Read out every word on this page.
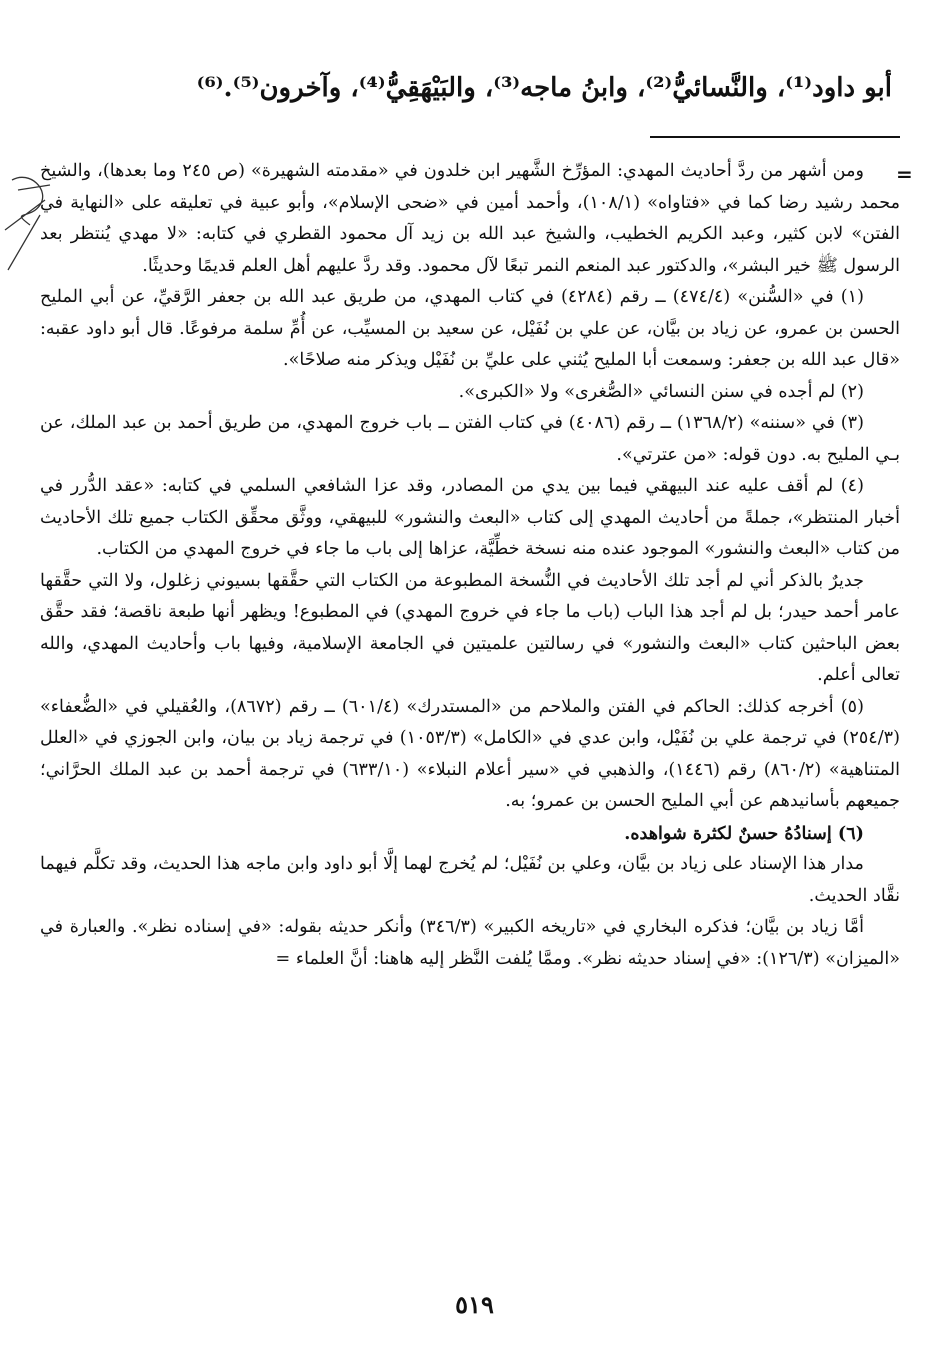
=
أبو داود⁽¹⁾، والنَّسائيُّ⁽²⁾، وابنُ ماجه⁽³⁾، والبَيْهَقِيُّ⁽⁴⁾، وآخرون⁽⁵⁾.⁽⁶⁾

ومن أشهر من ردَّ أحاديث المهدي: المؤرِّخ الشَّهير ابن خلدون في «مقدمته الشهيرة» (ص ٢٤٥ وما بعدها)، والشيخ محمد رشيد رضا كما في «فتاواه» (١٠٨/١)، وأحمد أمين في «ضحى الإسلام»، وأبو عبية في تعليقه على «النهاية في الفتن» لابن كثير، وعبد الكريم الخطيب، والشيخ عبد الله بن زيد آل محمود القطري في كتابه: «لا مهدي يُنتظر بعد الرسول ﷺ خير البشر»، والدكتور عبد المنعم النمر تبعًا لآل محمود. وقد ردَّ عليهم أهل العلم قديمًا وحديثًا.

(١) في «السُّنن» (٤٧٤/٤) ــ رقم (٤٢٨٤) في كتاب المهدي، من طريق عبد الله بن جعفر الرَّقيِّ، عن أبي المليح الحسن بن عمرو، عن زياد بن بيَّان، عن علي بن نُفَيْل، عن سعيد بن المسيِّب، عن أُمِّ سلمة مرفوعًا. قال أبو داود عقبه: «قال عبد الله بن جعفر: وسمعت أبا المليح يُثني على عليِّ بن نُفَيْل ويذكر منه صلاحًا».

(٢) لم أجده في سنن النسائي «الصُّغرى» ولا «الكبرى».

(٣) في «سننه» (١٣٦٨/٢) ــ رقم (٤٠٨٦) في كتاب الفتن ــ باب خروج المهدي، من طريق أحمد بن عبد الملك، عن بـي المليح به. دون قوله: «من عترتي».

(٤) لم أقف عليه عند البيهقي فيما بين يدي من المصادر، وقد عزا الشافعي السلمي في كتابه: «عقد الدُّرر في أخبار المنتظر»، جملةً من أحاديث المهدي إلى كتاب «البعث والنشور» للبيهقي، ووثَّق محقِّق الكتاب جميع تلك الأحاديث من كتاب «البعث والنشور» الموجود عنده منه نسخة خطِّيَّة، عزاها إلى باب ما جاء في خروج المهدي من الكتاب.

جديرٌ بالذكر أني لم أجد تلك الأحاديث في النُّسخة المطبوعة من الكتاب التي حقَّقها بسيوني زغلول، ولا التي حقَّقها عامر أحمد حيدر؛ بل لم أجد هذا الباب (باب ما جاء في خروج المهدي) في المطبوع! ويظهر أنها طبعة ناقصة؛ فقد حقَّق بعض الباحثين كتاب «البعث والنشور» في رسالتين علميتين في الجامعة الإسلامية، وفيها باب وأحاديث المهدي، والله تعالى أعلم.

(٥) أخرجه كذلك: الحاكم في الفتن والملاحم من «المستدرك» (٦٠١/٤) ــ رقم (٨٦٧٢)، والعُقيلي في «الضُّعفاء» (٢٥٤/٣) في ترجمة علي بن نُفَيْل، وابن عدي في «الكامل» (١٠٥٣/٣) في ترجمة زياد بن بيان، وابن الجوزي في «العلل المتناهية» (٨٦٠/٢) رقم (١٤٤٦)، والذهبي في «سير أعلام النبلاء» (٦٣٣/١٠) في ترجمة أحمد بن عبد الملك الحرَّاني؛ جميعهم بأسانيدهم عن أبي المليح الحسن بن عمرو؛ به.

(٦) إسنادُهُ حسنٌ لكثرة شواهده.

مدار هذا الإسناد على زياد بن بيَّان، وعلي بن نُفَيْل؛ لم يُخرج لهما إلَّا أبو داود وابن ماجه هذا الحديث، وقد تكلَّم فيهما نقَّاد الحديث.

أمَّا زياد بن بيَّان؛ فذكره البخاري في «تاريخه الكبير» (٣٤٦/٣) وأنكر حديثه بقوله: «في إسناده نظر». والعبارة في «الميزان» (١٢٦/٣): «في إسناد حديثه نظر». وممَّا يُلفت النَّظر إليه هاهنا: أنَّ العلماء =

٥١٩
